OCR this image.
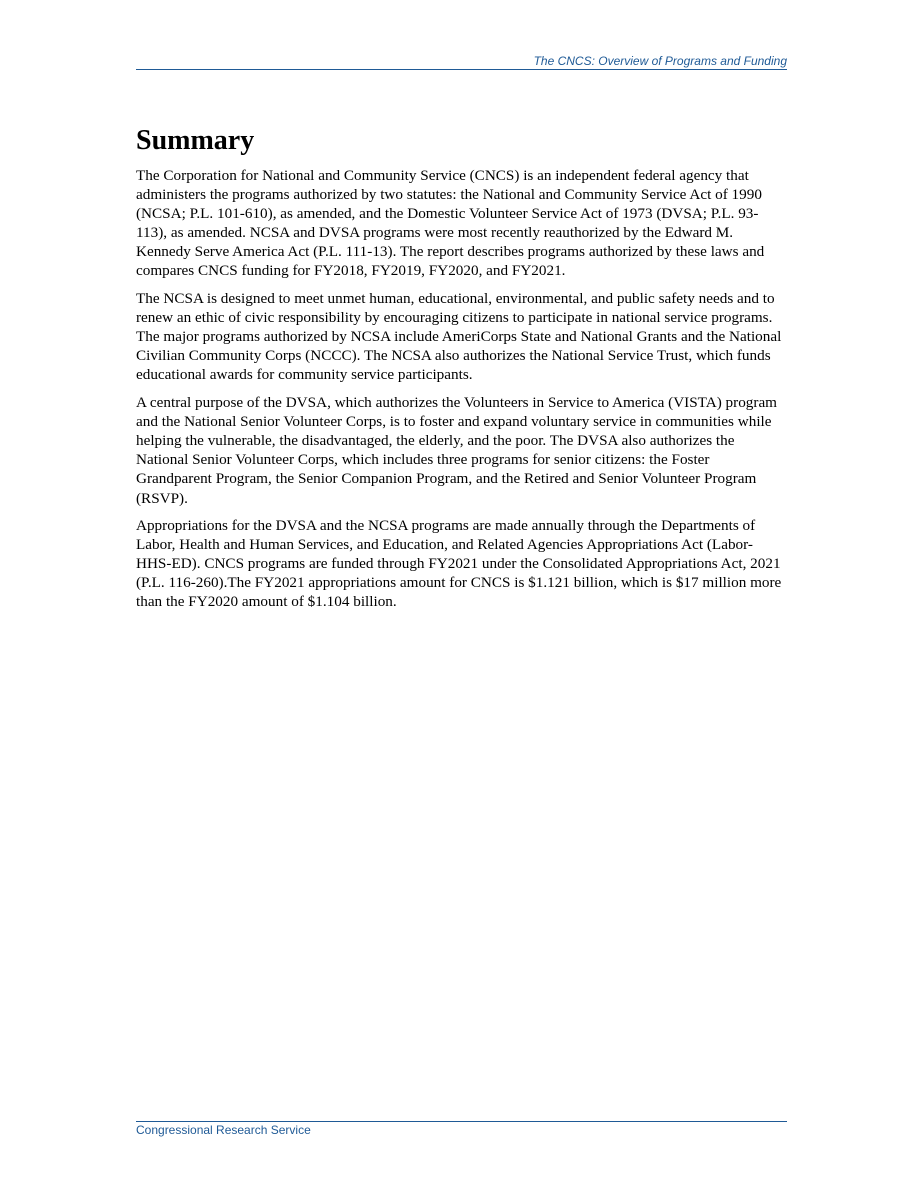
The CNCS: Overview of Programs and Funding
Summary

The Corporation for National and Community Service (CNCS) is an independent federal agency that administers the programs authorized by two statutes: the National and Community Service Act of 1990 (NCSA; P.L. 101-610), as amended, and the Domestic Volunteer Service Act of 1973 (DVSA; P.L. 93-113), as amended. NCSA and DVSA programs were most recently reauthorized by the Edward M. Kennedy Serve America Act (P.L. 111-13). The report describes programs authorized by these laws and compares CNCS funding for FY2018, FY2019, FY2020, and FY2021.

The NCSA is designed to meet unmet human, educational, environmental, and public safety needs and to renew an ethic of civic responsibility by encouraging citizens to participate in national service programs. The major programs authorized by NCSA include AmeriCorps State and National Grants and the National Civilian Community Corps (NCCC). The NCSA also authorizes the National Service Trust, which funds educational awards for community service participants.

A central purpose of the DVSA, which authorizes the Volunteers in Service to America (VISTA) program and the National Senior Volunteer Corps, is to foster and expand voluntary service in communities while helping the vulnerable, the disadvantaged, the elderly, and the poor. The DVSA also authorizes the National Senior Volunteer Corps, which includes three programs for senior citizens: the Foster Grandparent Program, the Senior Companion Program, and the Retired and Senior Volunteer Program (RSVP).

Appropriations for the DVSA and the NCSA programs are made annually through the Departments of Labor, Health and Human Services, and Education, and Related Agencies Appropriations Act (Labor-HHS-ED). CNCS programs are funded through FY2021 under the Consolidated Appropriations Act, 2021 (P.L. 116-260).The FY2021 appropriations amount for CNCS is $1.121 billion, which is $17 million more than the FY2020 amount of $1.104 billion.

Congressional Research Service
